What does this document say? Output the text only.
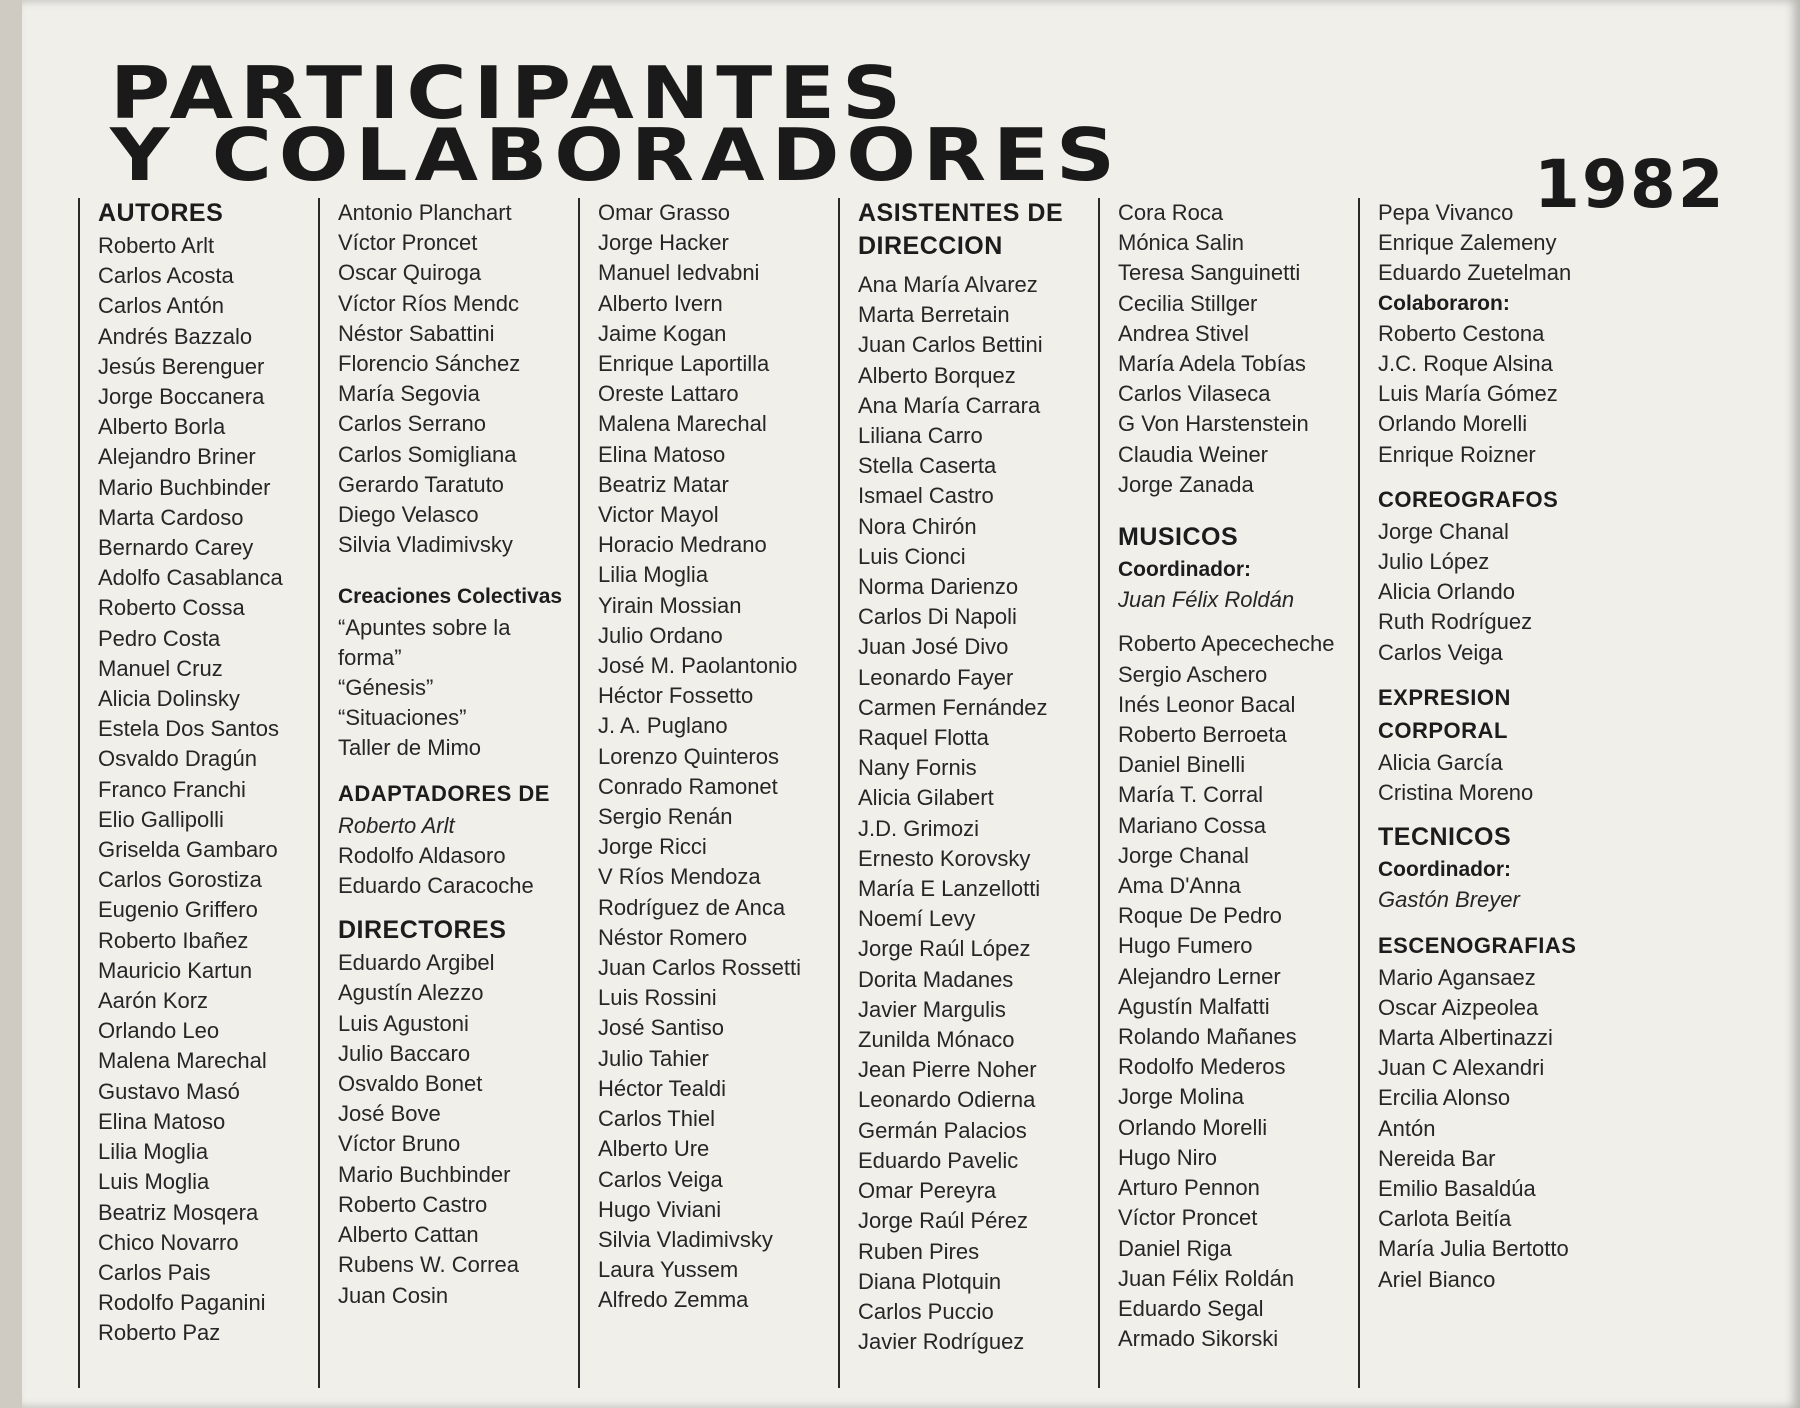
PARTICIPANTES
Y COLABORADORES	1982
AUTORES
Roberto Arlt
Carlos Acosta
Carlos Antón
Andrés Bazzalo
Jesús Berenguer
Jorge Boccanera
Alberto Borla
Alejandro Briner
Mario Buchbinder
Marta Cardoso
Bernardo Carey
Adolfo Casablanca
Roberto Cossa
Pedro Costa
Manuel Cruz
Alicia Dolinsky
Estela Dos Santos
Osvaldo Dragún
Franco Franchi
Elio Gallipolli
Griselda Gambaro
Carlos Gorostiza
Eugenio Griffero
Roberto Ibañez
Mauricio Kartun
Aarón Korz
Orlando Leo
Malena Marechal
Gustavo Masó
Elina Matoso
Lilia Moglia
Luis Moglia
Beatriz Mosqera
Chico Novarro
Carlos Pais
Rodolfo Paganini
Roberto Paz
Antonio Planchart
Víctor Proncet
Oscar Quiroga
Víctor Ríos Mendc
Néstor Sabattini
Florencio Sánchez
María Segovia
Carlos Serrano
Carlos Somigliana
Gerardo Taratuto
Diego Velasco
Silvia Vladimivsky
Creaciones Colectivas
“Apuntes sobre la
forma”
“Génesis”
“Situaciones”
Taller de Mimo
ADAPTADORES DE
Roberto Arlt
Rodolfo Aldasoro
Eduardo Caracoche
DIRECTORES
Eduardo Argibel
Agustín Alezzo
Luis Agustoni
Julio Baccaro
Osvaldo Bonet
José Bove
Víctor Bruno
Mario Buchbinder
Roberto Castro
Alberto Cattan
Rubens W. Correa
Juan Cosin
Omar Grasso
Jorge Hacker
Manuel Iedvabni
Alberto Ivern
Jaime Kogan
Enrique Laportilla
Oreste Lattaro
Malena Marechal
Elina Matoso
Beatriz Matar
Victor Mayol
Horacio Medrano
Lilia Moglia
Yirain Mossian
Julio Ordano
José M. Paolantonio
Héctor Fossetto
J. A. Puglano
Lorenzo Quinteros
Conrado Ramonet
Sergio Renán
Jorge Ricci
V Ríos Mendoza
Rodríguez de Anca
Néstor Romero
Juan Carlos Rossetti
Luis Rossini
José Santiso
Julio Tahier
Héctor Tealdi
Carlos Thiel
Alberto Ure
Carlos Veiga
Hugo Viviani
Silvia Vladimivsky
Laura Yussem
Alfredo Zemma
ASISTENTES DE
DIRECCION
Ana María Alvarez
Marta Berretain
Juan Carlos Bettini
Alberto Borquez
Ana María Carrara
Liliana Carro
Stella Caserta
Ismael Castro
Nora Chirón
Luis Cionci
Norma Darienzo
Carlos Di Napoli
Juan José Divo
Leonardo Fayer
Carmen Fernández
Raquel Flotta
Nany Fornis
Alicia Gilabert
J.D. Grimozi
Ernesto Korovsky
María E Lanzellotti
Noemí Levy
Jorge Raúl López
Dorita Madanes
Javier Margulis
Zunilda Mónaco
Jean Pierre Noher
Leonardo Odierna
Germán Palacios
Eduardo Pavelic
Omar Pereyra
Jorge Raúl Pérez
Ruben Pires
Diana Plotquin
Carlos Puccio
Javier Rodríguez
Cora Roca
Mónica Salin
Teresa Sanguinetti
Cecilia Stillger
Andrea Stivel
María Adela Tobías
Carlos Vilaseca
G Von Harstenstein
Claudia Weiner
Jorge Zanada
MUSICOS
Coordinador:
Juan Félix Roldán
Roberto Apececheche
Sergio Aschero
Inés Leonor Bacal
Roberto Berroeta
Daniel Binelli
María T. Corral
Mariano Cossa
Jorge Chanal
Ama D'Anna
Roque De Pedro
Hugo Fumero
Alejandro Lerner
Agustín Malfatti
Rolando Mañanes
Rodolfo Mederos
Jorge Molina
Orlando Morelli
Hugo Niro
Arturo Pennon
Víctor Proncet
Daniel Riga
Juan Félix Roldán
Eduardo Segal
Armado Sikorski
Pepa Vivanco
Enrique Zalemeny
Eduardo Zuetelman
Colaboraron:
Roberto Cestona
J.C. Roque Alsina
Luis María Gómez
Orlando Morelli
Enrique Roizner
COREOGRAFOS
Jorge Chanal
Julio López
Alicia Orlando
Ruth Rodríguez
Carlos Veiga
EXPRESION
CORPORAL
Alicia García
Cristina Moreno
TECNICOS
Coordinador:
Gastón Breyer
ESCENOGRAFIAS
Mario Agansaez
Oscar Aizpeolea
Marta Albertinazzi
Juan C Alexandri
Ercilia Alonso
Antón
Nereida Bar
Emilio Basaldúa
Carlota Beitía
María Julia Bertotto
Ariel Bianco
